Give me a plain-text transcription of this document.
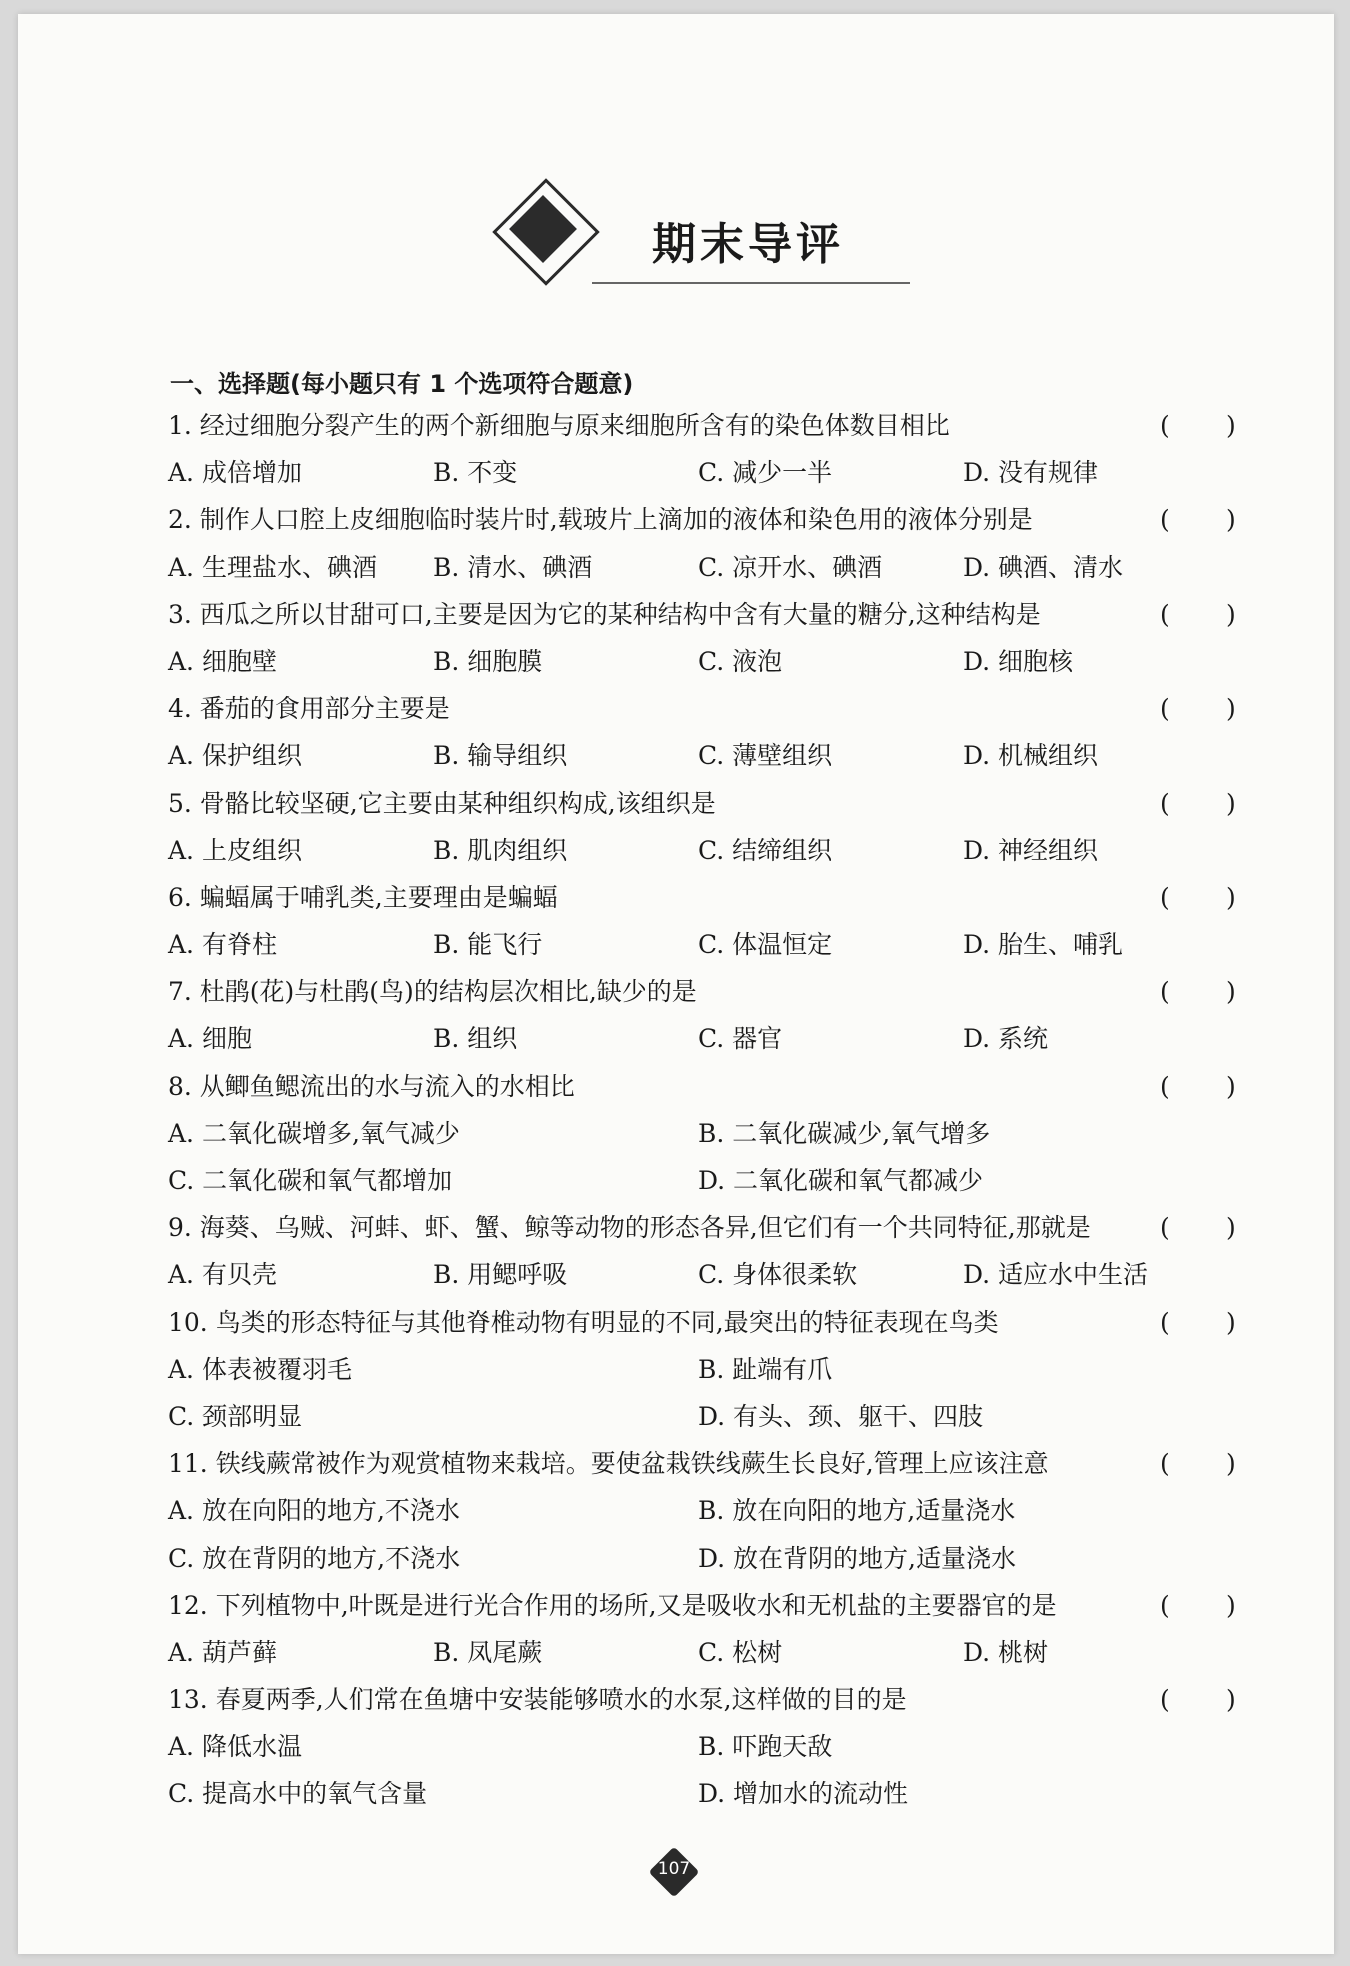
期末导评
一、选择题(每小题只有 1 个选项符合题意)
1. 经过细胞分裂产生的两个新细胞与原来细胞所含有的染色体数目相比	( )
A. 成倍增加	B. 不变	C. 减少一半	D. 没有规律
2. 制作人口腔上皮细胞临时装片时,载玻片上滴加的液体和染色用的液体分别是	( )
A. 生理盐水、碘酒 B. 清水、碘酒	C. 凉开水、碘酒	D. 碘酒、清水
3. 西瓜之所以甘甜可口,主要是因为它的某种结构中含有大量的糖分,这种结构是	( )
A. 细胞壁	B. 细胞膜	C. 液泡	D. 细胞核
4. 番茄的食用部分主要是	( )
A. 保护组织	B. 输导组织	C. 薄壁组织	D. 机械组织
5. 骨骼比较坚硬,它主要由某种组织构成,该组织是	( )
A. 上皮组织	B. 肌肉组织	C. 结缔组织	D. 神经组织
6. 蝙蝠属于哺乳类,主要理由是蝙蝠	( )
A. 有脊柱	B. 能飞行	C. 体温恒定	D. 胎生、哺乳
7. 杜鹃(花)与杜鹃(鸟)的结构层次相比,缺少的是	( )
A. 细胞	B. 组织	C. 器官	D. 系统
8. 从鲫鱼鳃流出的水与流入的水相比	( )
A. 二氧化碳增多,氧气减少	B. 二氧化碳减少,氧气增多
C. 二氧化碳和氧气都增加	D. 二氧化碳和氧气都减少
9. 海葵、乌贼、河蚌、虾、蟹、鲸等动物的形态各异,但它们有一个共同特征,那就是	( )
A. 有贝壳	B. 用鳃呼吸	C. 身体很柔软	D. 适应水中生活
10. 鸟类的形态特征与其他脊椎动物有明显的不同,最突出的特征表现在鸟类	( )
A. 体表被覆羽毛	B. 趾端有爪
C. 颈部明显	D. 有头、颈、躯干、四肢
11. 铁线蕨常被作为观赏植物来栽培。要使盆栽铁线蕨生长良好,管理上应该注意	( )
A. 放在向阳的地方,不浇水	B. 放在向阳的地方,适量浇水
C. 放在背阴的地方,不浇水	D. 放在背阴的地方,适量浇水
12. 下列植物中,叶既是进行光合作用的场所,又是吸收水和无机盐的主要器官的是	( )
A. 葫芦藓	B. 凤尾蕨	C. 松树	D. 桃树
13. 春夏两季,人们常在鱼塘中安装能够喷水的水泵,这样做的目的是	( )
A. 降低水温	B. 吓跑天敌
C. 提高水中的氧气含量	D. 增加水的流动性
107
